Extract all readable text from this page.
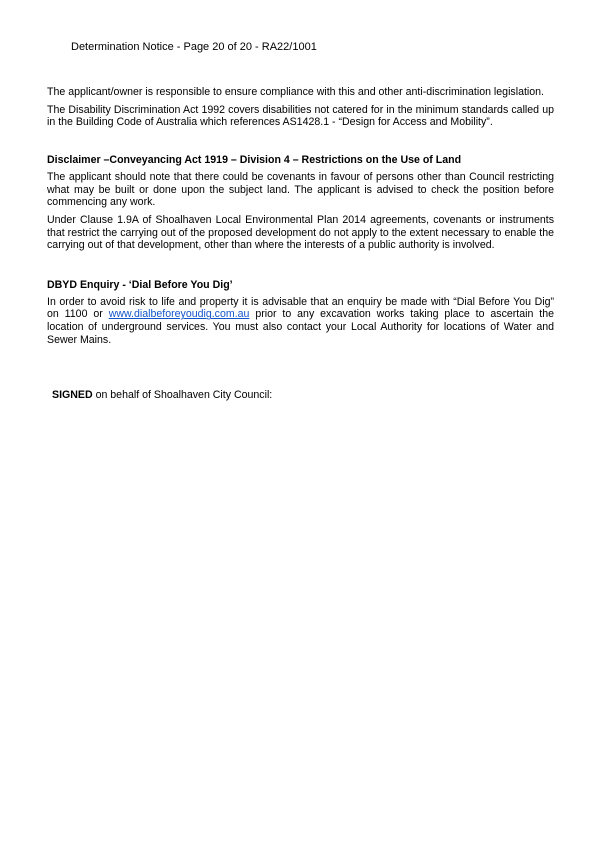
Determination Notice - Page 20 of 20 - RA22/1001

The applicant/owner is responsible to ensure compliance with this and other anti-discrimination legislation.

The Disability Discrimination Act 1992 covers disabilities not catered for in the minimum standards called up in the Building Code of Australia which references AS1428.1 - “Design for Access and Mobility”.

Disclaimer –Conveyancing Act 1919 – Division 4 – Restrictions on the Use of Land

The applicant should note that there could be covenants in favour of persons other than Council restricting what may be built or done upon the subject land. The applicant is advised to check the position before commencing any work.

Under Clause 1.9A of Shoalhaven Local Environmental Plan 2014 agreements, covenants or instruments that restrict the carrying out of the proposed development do not apply to the extent necessary to enable the carrying out of that development, other than where the interests of a public authority is involved.

DBYD Enquiry - ‘Dial Before You Dig’

In order to avoid risk to life and property it is advisable that an enquiry be made with “Dial Before You Dig” on 1100 or www.dialbeforeyoudig.com.au prior to any excavation works taking place to ascertain the location of underground services. You must also contact your Local Authority for locations of Water and Sewer Mains.

SIGNED on behalf of Shoalhaven City Council:
